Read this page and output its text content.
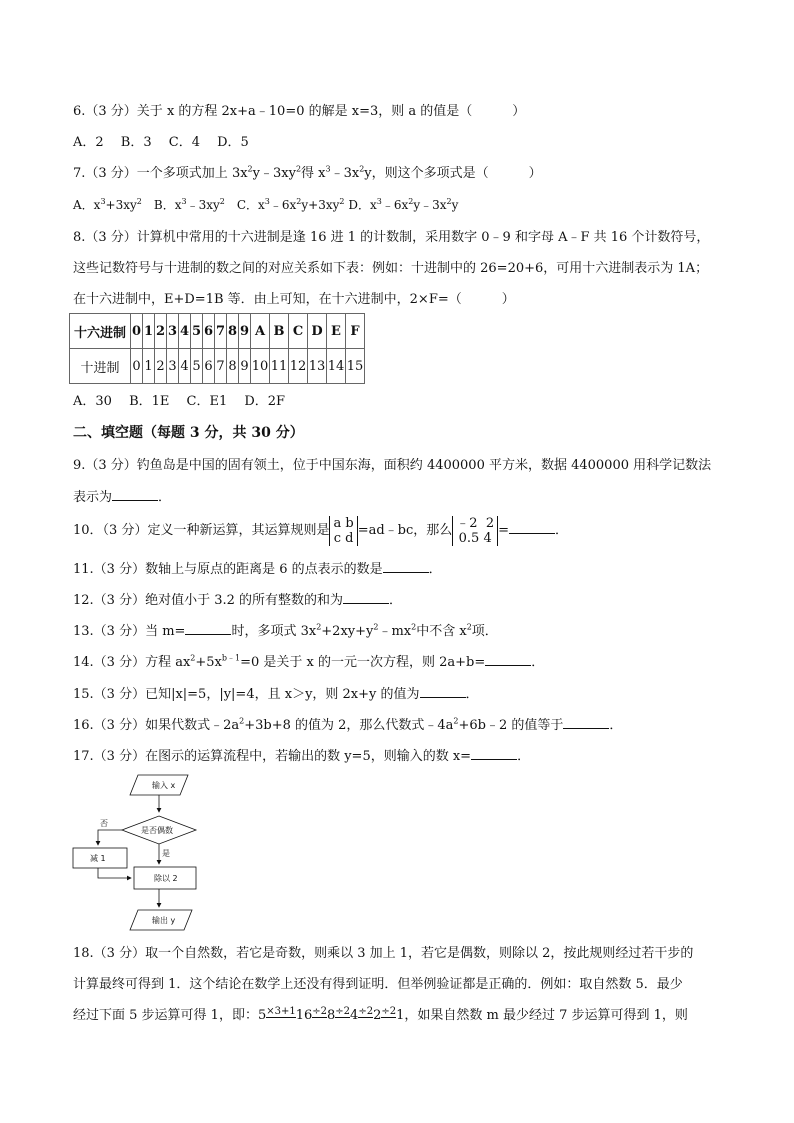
6.（3 分）关于 x 的方程 2x+a﹣10=0 的解是 x=3，则 a 的值是（	）
A．2　 B．3　 C．4　 D．5
7.（3 分）一个多项式加上 $3x^2y﹣3xy^2$得 $x^3﹣3x^2y$，则这个多项式是（	）
A．$x^3+3xy^2$　B．$x^3﹣3xy^2$　C．$x^3﹣6x^2y+3xy^2$ D．$x^3﹣6x^2y﹣3x^2y$
8.（3 分）计算机中常用的十六进制是逢 16 进 1 的计数制，采用数字 0﹣9 和字母 A﹣F 共 16 个计数符号，
这些记数符号与十进制的数之间的对应关系如下表：例如：十进制中的 26=20+6，可用十六进制表示为 1A；
在十六进制中，E+D=1B 等．由上可知，在十六进制中，2×F=（	）
十六进制	0	1	2	3	4	5	6	7	8	9	A	B	C	D	E	F
十进制	0	1	2	3	4	5	6	7	8	9	10	11	12	13	14	15
A．30　 B．1E　 C．E1　 D．2F
二、填空题（每题 3 分，共 30 分）
9.（3 分）钓鱼岛是中国的固有领土，位于中国东海，面积约 4400000 平方米，数据 4400000 用科学记数法
表示为	．
10．（3 分）定义一种新运算，其运算规则是 a b
c d =ad﹣bc，那么 ﹣2 2
0.5 4 =	．
11.（3 分）数轴上与原点的距离是 6 的点表示的数是	．
12.（3 分）绝对值小于 3.2 的所有整数的和为	．
13.（3 分）当 m=	时，多项式 $3x^2+2xy+y^2﹣mx^2$中不含 $x^2$项．
14.（3 分）方程 $ax^2+5x^{b﹣1}=0$ 是关于 x 的一元一次方程，则 2a+b=	．
15.（3 分）已知|x|=5，|y|=4，且 x＞y，则 2x+y 的值为	．
16.（3 分）如果代数式$﹣2a^2+3b+8$ 的值为 2，那么代数式$﹣4a^2+6b﹣2$ 的值等于	．
17.（3 分）在图示的运算流程中，若输出的数 y=5，则输入的数 x=	．
输入 x
是否偶数
否
减 1
是
除以 2
输出 y
18.（3 分）取一个自然数，若它是奇数，则乘以 3 加上 1，若它是偶数，则除以 2，按此规则经过若干步的
计算最终可得到 1．这个结论在数学上还没有得到证明．但举例验证都是正确的．例如：取自然数 5．最少
经过下面 5 步运算可得 1，即：5×3+116÷28÷24÷22÷21，如果自然数 m 最少经过 7 步运算可得到 1，则
